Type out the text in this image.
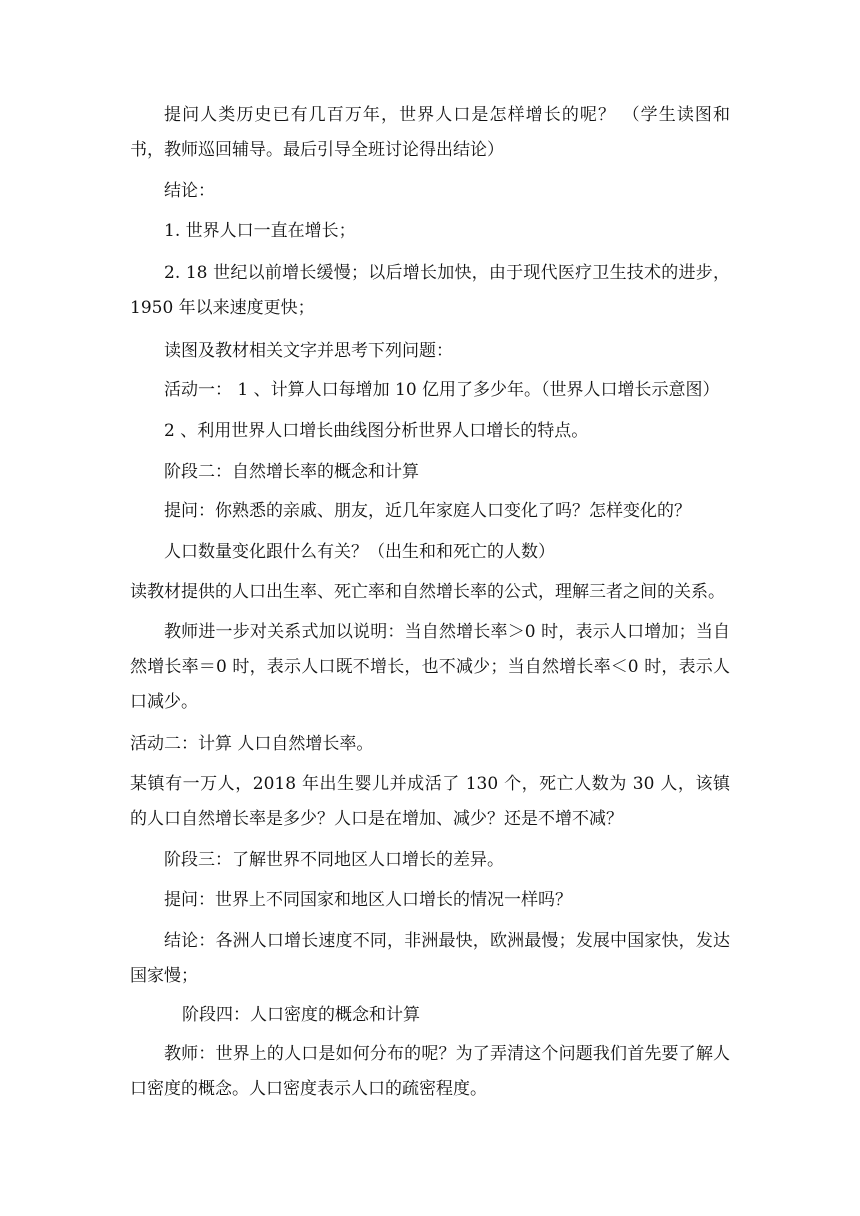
提问人类历史已有几百万年，世界人口是怎样增长的呢？ （学生读图和书，教师巡回辅导。最后引导全班讨论得出结论）

结论：

1. 世界人口一直在增长；

2. 18 世纪以前增长缓慢；以后增长加快，由于现代医疗卫生技术的进步，1950 年以来速度更快；

读图及教材相关文字并思考下列问题：

活动一： 1 、计算人口每增加 10 亿用了多少年。（世界人口增长示意图）

2 、利用世界人口增长曲线图分析世界人口增长的特点。

阶段二：自然增长率的概念和计算

提问：你熟悉的亲戚、朋友，近几年家庭人口变化了吗？怎样变化的？

人口数量变化跟什么有关？（出生和和死亡的人数）

读教材提供的人口出生率、死亡率和自然增长率的公式，理解三者之间的关系。

教师进一步对关系式加以说明：当自然增长率＞0 时，表示人口增加；当自然增长率＝0 时，表示人口既不增长，也不减少；当自然增长率＜0 时，表示人口减少。

活动二：计算 人口自然增长率。

某镇有一万人，2018 年出生婴儿并成活了 130 个，死亡人数为 30 人，该镇的人口自然增长率是多少？人口是在增加、减少？还是不增不减？

阶段三：了解世界不同地区人口增长的差异。

提问：世界上不同国家和地区人口增长的情况一样吗？

结论：各洲人口增长速度不同，非洲最快，欧洲最慢；发展中国家快，发达国家慢；

阶段四：人口密度的概念和计算

教师：世界上的人口是如何分布的呢？为了弄清这个问题我们首先要了解人口密度的概念。人口密度表示人口的疏密程度。
